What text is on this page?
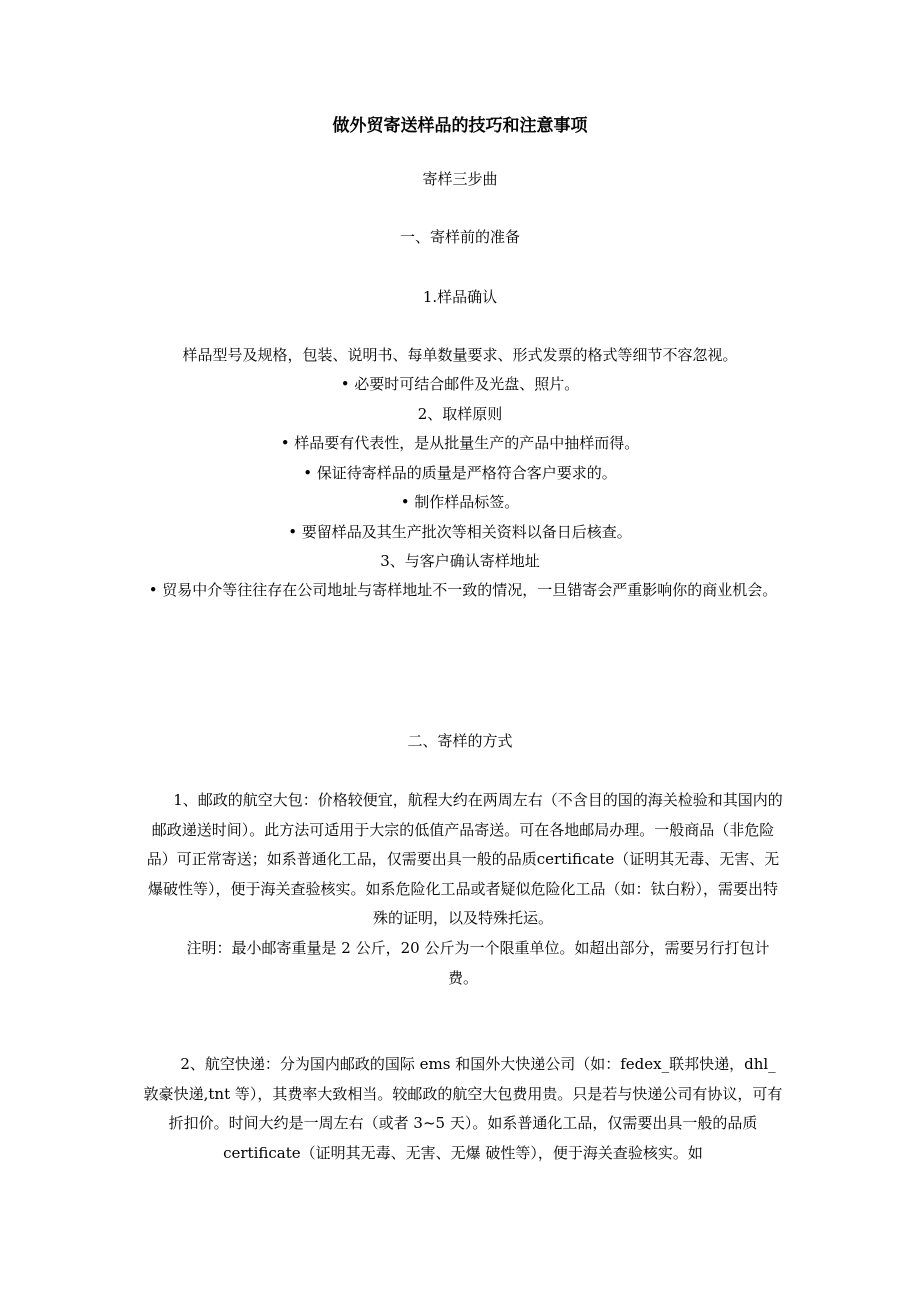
做外贸寄送样品的技巧和注意事项

寄样三步曲

一、寄样前的准备

1.样品确认

样品型号及规格，包装、说明书、每单数量要求、形式发票的格式等细节不容忽视。

• 必要时可结合邮件及光盘、照片。

2、取样原则

• 样品要有代表性，是从批量生产的产品中抽样而得。

• 保证待寄样品的质量是严格符合客户要求的。

• 制作样品标签。

• 要留样品及其生产批次等相关资料以备日后核查。

3、与客户确认寄样地址

• 贸易中介等往往存在公司地址与寄样地址不一致的情况，一旦错寄会严重影响你的商业机会。

二、寄样的方式

1、邮政的航空大包：价格较便宜，航程大约在两周左右（不含目的国的海关检验和其国内的邮政递送时间）。此方法可适用于大宗的低值产品寄送。可在各地邮局办理。一般商品（非危险品）可正常寄送；如系普通化工品，仅需要出具一般的品质certificate（证明其无毒、无害、无爆破性等），便于海关查验核实。如系危险化工品或者疑似危险化工品（如：钛白粉），需要出特殊的证明，以及特殊托运。

注明：最小邮寄重量是 2 公斤，20 公斤为一个限重单位。如超出部分，需要另行打包计费。

2、航空快递：分为国内邮政的国际 ems 和国外大快递公司（如：fedex_联邦快递，dhl_敦豪快递,tnt 等），其费率大致相当。较邮政的航空大包费用贵。只是若与快递公司有协议，可有折扣价。时间大约是一周左右（或者 3~5 天）。如系普通化工品，仅需要出具一般的品质 certificate（证明其无毒、无害、无爆 破性等），便于海关查验核实。如
